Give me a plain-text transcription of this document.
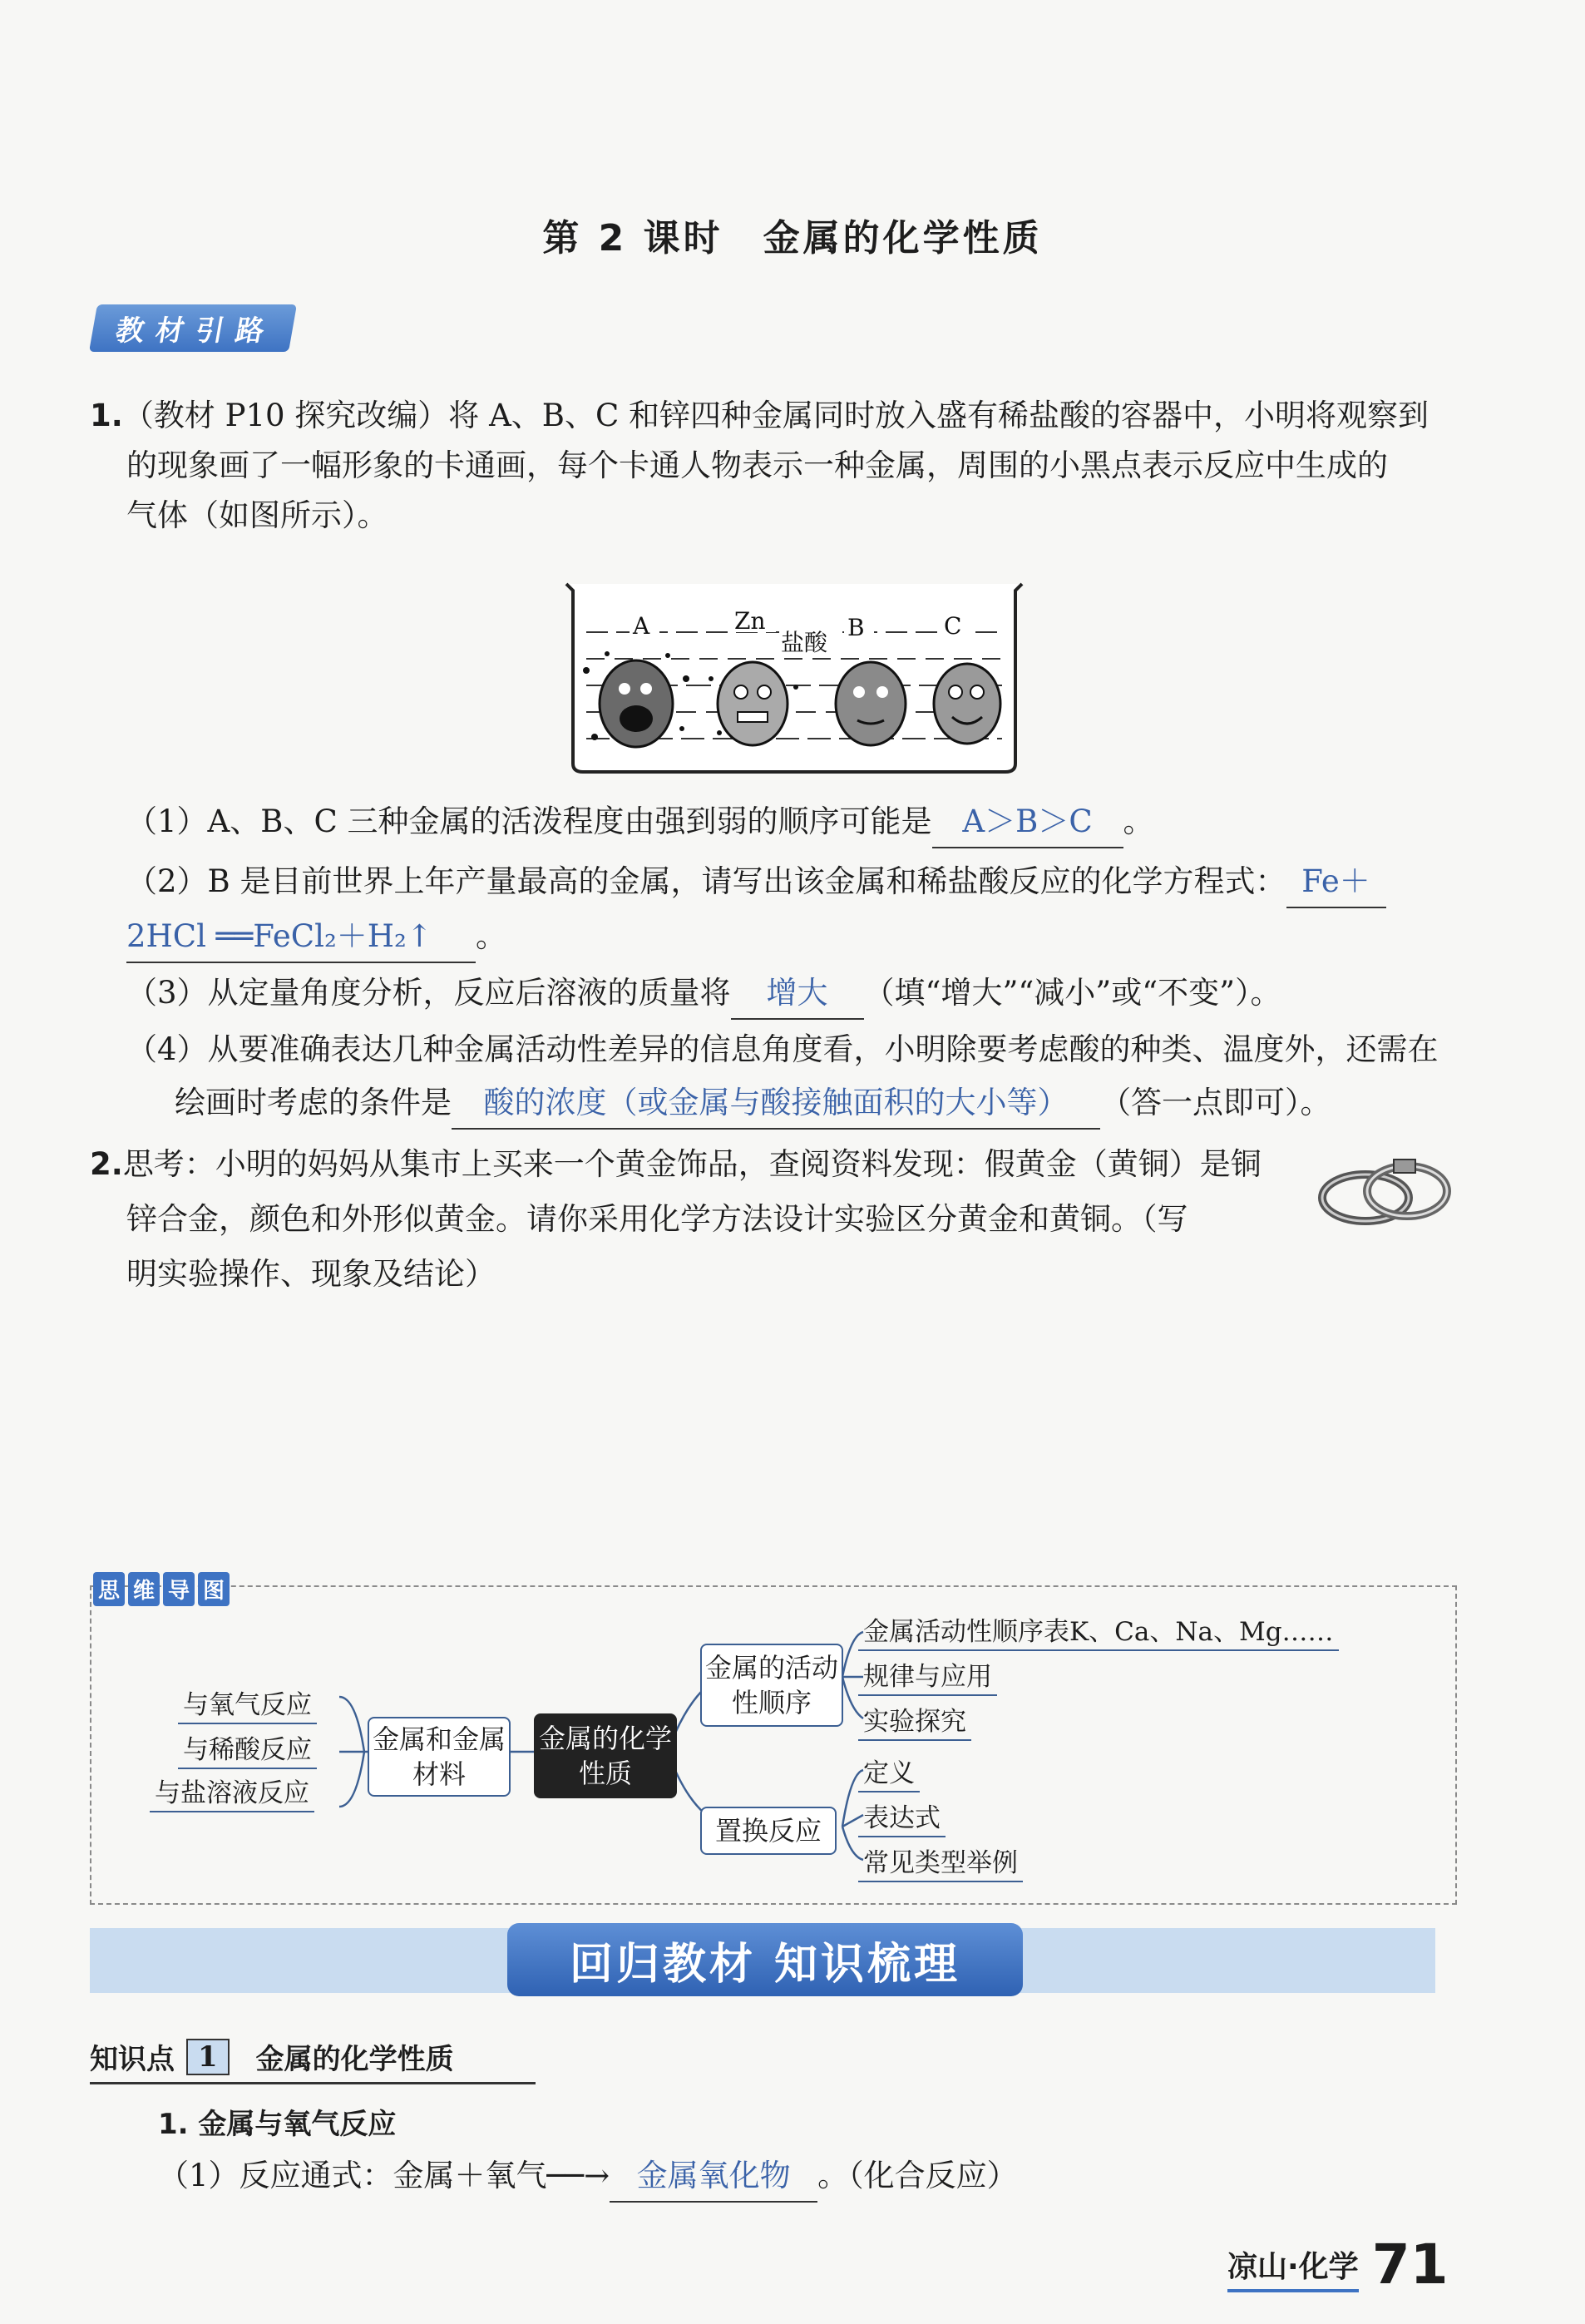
第 2 课时　金属的化学性质
教材引路
1.（教材 P10 探究改编）将 A、B、C 和锌四种金属同时放入盛有稀盐酸的容器中，小明将观察到
的现象画了一幅形象的卡通画，每个卡通人物表示一种金属，周围的小黑点表示反应中生成的
气体（如图所示）。
A	Zn
盐酸
B	C
（1）A、B、C 三种金属的活泼程度由强到弱的顺序可能是 A＞B＞C 。
（2）B 是目前世界上年产量最高的金属，请写出该金属和稀盐酸反应的化学方程式： Fe＋
2HCl ══FeCl₂＋H₂↑ 。
（3）从定量角度分析，反应后溶液的质量将 增大 （填“增大”“减小”或“不变”）。
（4）从要准确表达几种金属活动性差异的信息角度看，小明除要考虑酸的种类、温度外，还需在
绘画时考虑的条件是 酸的浓度（或金属与酸接触面积的大小等） （答一点即可）。
2.思考：小明的妈妈从集市上买来一个黄金饰品，查阅资料发现：假黄金（黄铜）是铜
锌合金，颜色和外形似黄金。请你采用化学方法设计实验区分黄金和黄铜。（写
明实验操作、现象及结论）
思 维 导 图
与氧气反应
与稀酸反应
与盐溶液反应
金属和金属材料
金属的化学性质
金属的活动性顺序
置换反应
金属活动性顺序表K、Ca、Na、Mg……
规律与应用
实验探究
定义
表达式
常见类型举例
回归教材 知识梳理
知识点 1	金属的化学性质
1. 金属与氧气反应
（1）反应通式：金属＋氧气──→ 金属氧化物 。（化合反应）
凉山·化学 71
